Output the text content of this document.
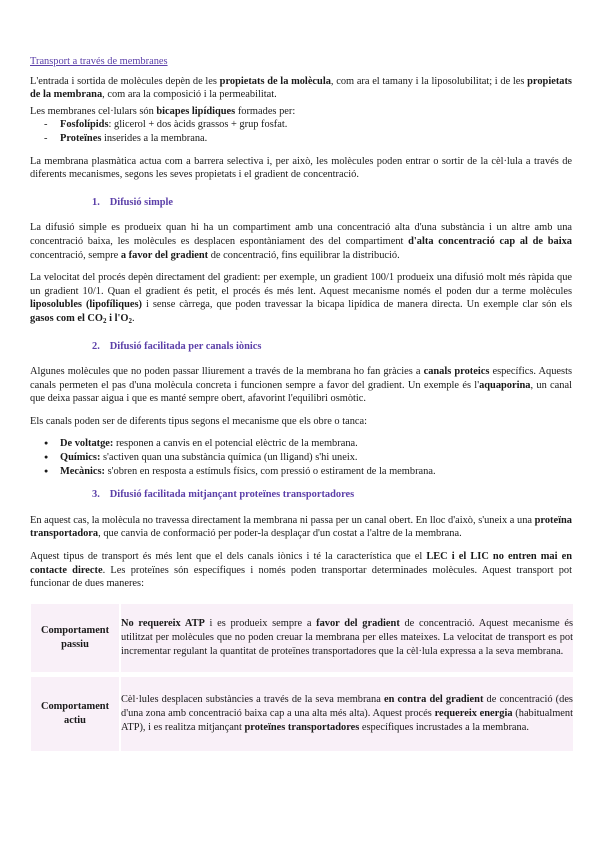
Transport a través de membranes

L'entrada i sortida de molècules depèn de les propietats de la molècula, com ara el tamany i la liposolubilitat; i de les propietats de la membrana, com ara la composició i la permeabilitat.

Les membranes cel·lulars són bicapes lipídiques formades per:

- Fosfolípids: glicerol + dos àcids grassos + grup fosfat.
- Proteïnes inserides a la membrana.

La membrana plasmàtica actua com a barrera selectiva i, per això, les molècules poden entrar o sortir de la cèl·lula a través de diferents mecanismes, segons les seves propietats i el gradient de concentració.

1. Difusió simple

La difusió simple es produeix quan hi ha un compartiment amb una concentració alta d'una substància i un altre amb una concentració baixa, les molècules es desplacen espontàniament des del compartiment d'alta concentració cap al de baixa concentració, sempre a favor del gradient de concentració, fins equilibrar la distribució.

La velocitat del procés depèn directament del gradient: per exemple, un gradient 100/1 produeix una difusió molt més ràpida que un gradient 10/1. Quan el gradient és petit, el procés és més lent. Aquest mecanisme només el poden dur a terme molècules liposolubles (lipofíliques) i sense càrrega, que poden travessar la bicapa lipídica de manera directa. Un exemple clar són els gasos com el $CO_2$ i $l'O_2$.

2. Difusió facilitada per canals iònics

Algunes molècules que no poden passar lliurement a través de la membrana ho fan gràcies a canals proteics específics. Aquests canals permeten el pas d'una molècula concreta i funcionen sempre a favor del gradient. Un exemple és l'aquaporina, un canal que deixa passar aigua i que es manté sempre obert, afavorint l'equilibri osmòtic.

Els canals poden ser de diferents tipus segons el mecanisme que els obre o tanca:

● De voltatge: responen a canvis en el potencial elèctric de la membrana.
● Químics: s'activen quan una substància química (un lligand) s'hi uneix.
● Mecànics: s'obren en resposta a estímuls físics, com pressió o estirament de la membrana.
3. Difusió facilitada mitjançant proteïnes transportadores

En aquest cas, la molècula no travessa directament la membrana ni passa per un canal obert. En lloc d'això, s'uneix a una proteïna transportadora, que canvia de conformació per poder-la desplaçar d'un costat a l'altre de la membrana.

Aquest tipus de transport és més lent que el dels canals iònics i té la característica que el LEC i el LIC no entren mai en contacte directe. Les proteïnes són específiques i només poden transportar determinades molècules. Aquest transport pot funcionar de dues maneres:

Comportament passiu	No requereix ATP i es produeix sempre a favor del gradient de concentració. Aquest mecanisme és utilitzat per molècules que no poden creuar la membrana per elles mateixes. La velocitat de transport es pot incrementar regulant la quantitat de proteïnes transportadores que la cèl·lula expressa a la seva membrana.
Comportament actiu	Cèl·lules desplacen substàncies a través de la seva membrana en contra del gradient de concentració (des d'una zona amb concentració baixa cap a una alta més alta). Aquest procés requereix energia (habitualment ATP), i es realitza mitjançant proteïnes transportadores específiques incrustades a la membrana.
